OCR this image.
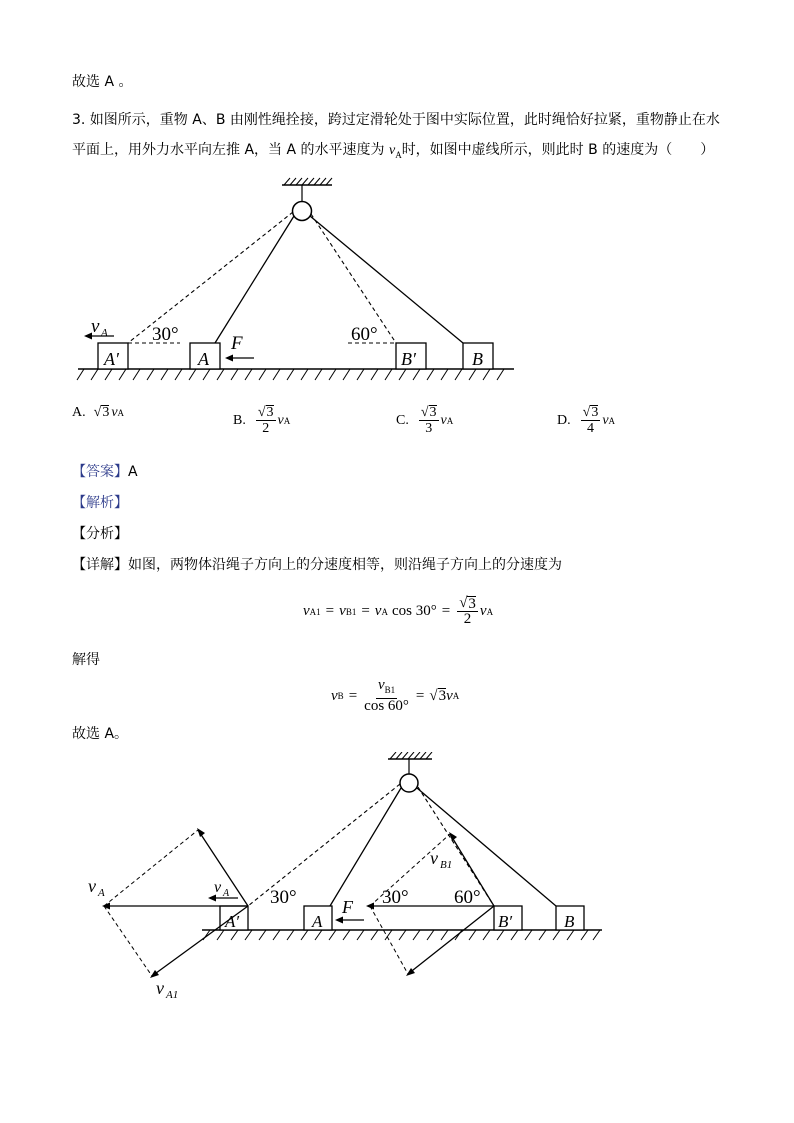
故选 A 。
3. 如图所示，重物 A、B 由刚性绳拴接，跨过定滑轮处于图中实际位置，此时绳恰好拉紧，重物静止在水
平面上，用外力水平向左推 A，当 A 的水平速度为 $v_A$时，如图中虚线所示，则此时 B 的速度为（　　）
v A 30°	60°
F
A′	A	B′	B
A. √ 3 v A	B. $\frac{√ 3}{2}$ v A	C. $\frac{√ 3}{3}$ v A	D. $\frac{√ 3}{4}$ v A
【答案】A
【解析】
【分析】
【详解】如图，两物体沿绳子方向上的分速度相等，则沿绳子方向上的分速度为
v A1 = v B1 = v A $\cos 30^\circ = \frac{√ 3}{2}$ v A
解得
v $B = \frac{v_{B1}}{\cos 60^\circ}$ = √ 3 v A
故选 A。
v A	v A
v A1
v B1
30°	30° 60°
F
A′	A	B′	B
